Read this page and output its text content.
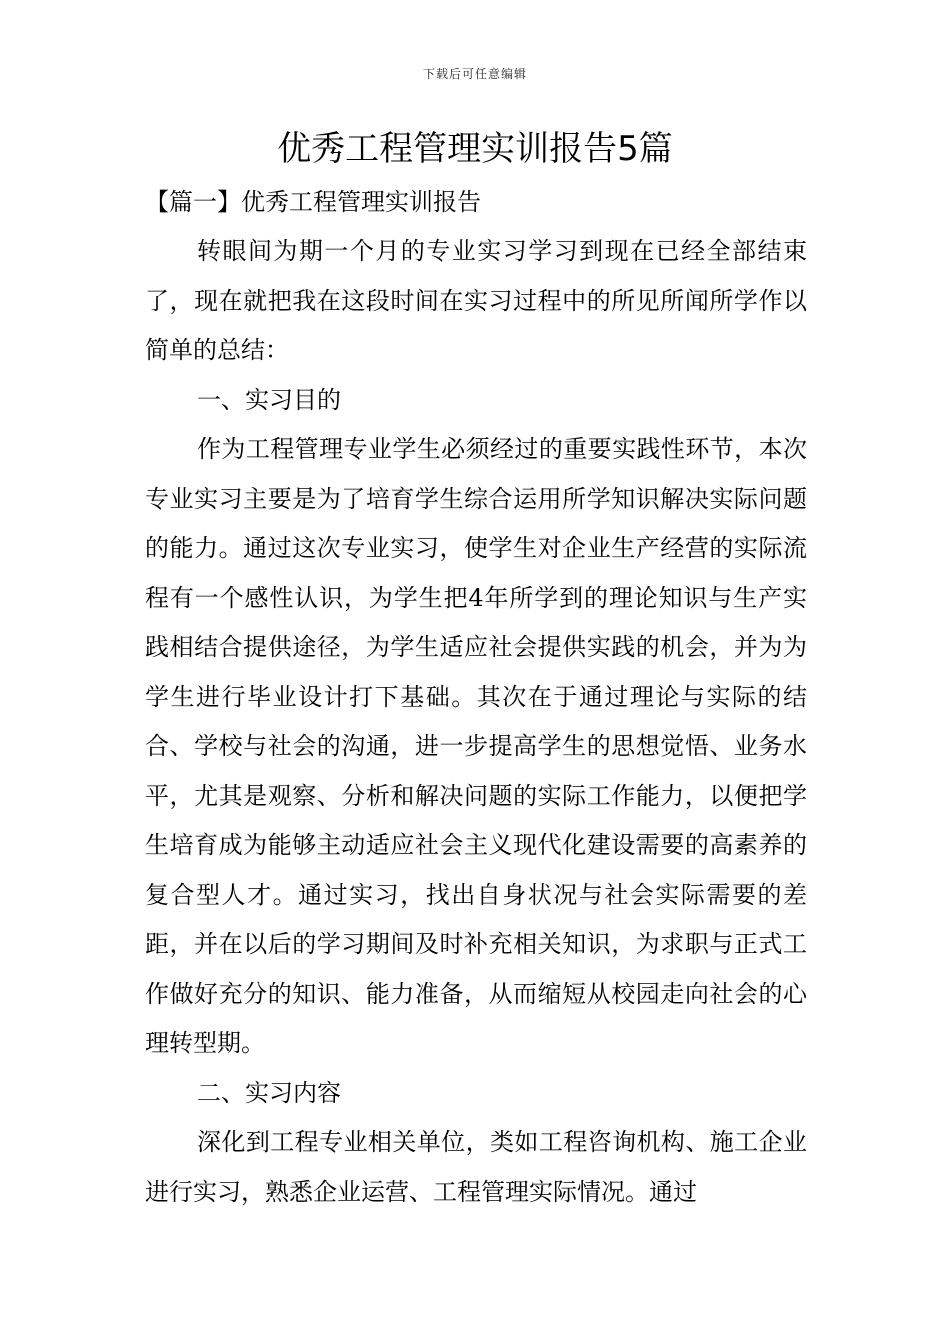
下载后可任意编辑
优秀工程管理实训报告5篇
【篇一】优秀工程管理实训报告

转眼间为期一个月的专业实习学习到现在已经全部结束了，现在就把我在这段时间在实习过程中的所见所闻所学作以简单的总结：

一、实习目的

作为工程管理专业学生必须经过的重要实践性环节，本次专业实习主要是为了培育学生综合运用所学知识解决实际问题的能力。通过这次专业实习，使学生对企业生产经营的实际流程有一个感性认识，为学生把4年所学到的理论知识与生产实践相结合提供途径，为学生适应社会提供实践的机会，并为为学生进行毕业设计打下基础。其次在于通过理论与实际的结合、学校与社会的沟通，进一步提高学生的思想觉悟、业务水平，尤其是观察、分析和解决问题的实际工作能力，以便把学生培育成为能够主动适应社会主义现代化建设需要的高素养的复合型人才。通过实习，找出自身状况与社会实际需要的差距，并在以后的学习期间及时补充相关知识，为求职与正式工作做好充分的知识、能力准备，从而缩短从校园走向社会的心理转型期。

二、实习内容

深化到工程专业相关单位，类如工程咨询机构、施工企业进行实习，熟悉企业运营、工程管理实际情况。通过
